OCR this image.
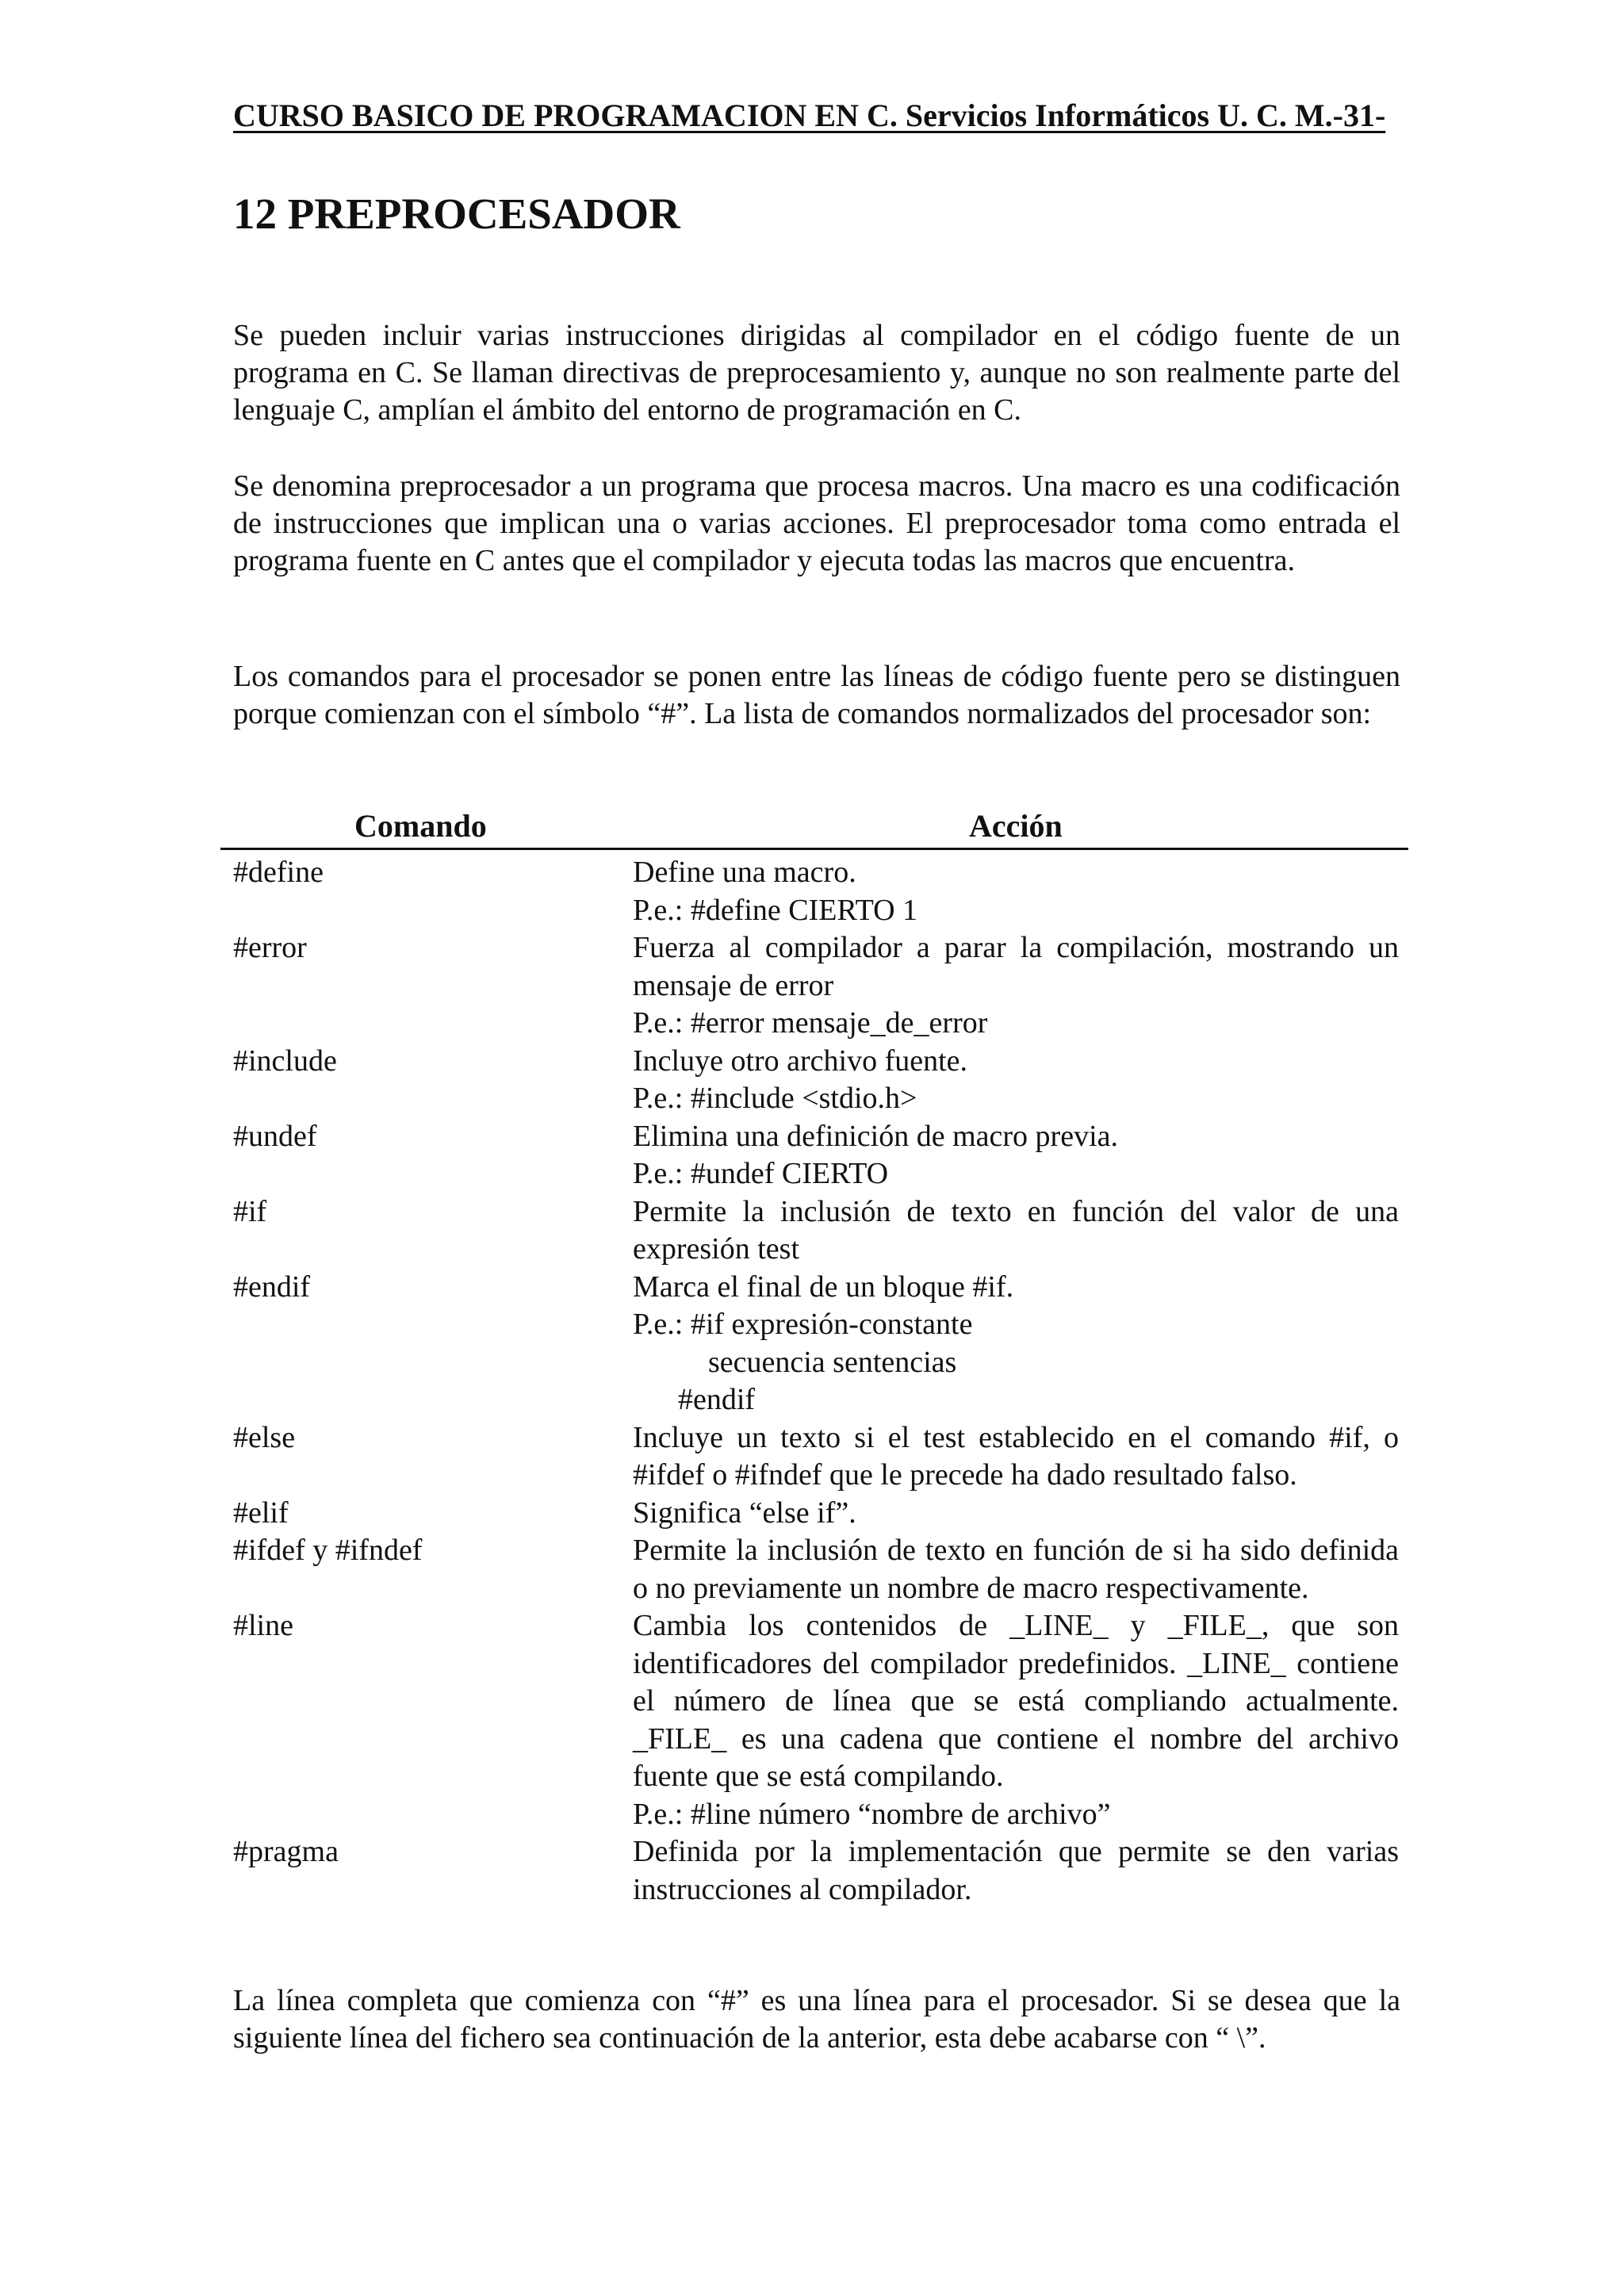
CURSO BASICO DE PROGRAMACION EN C. Servicios Informáticos U. C. M.-31-
12 PREPROCESADOR

Se pueden incluir varias instrucciones dirigidas al compilador en el código fuente de un programa en C. Se llaman directivas de preprocesamiento y, aunque no son realmente parte del lenguaje C, amplían el ámbito del entorno de programación en C.

Se denomina preprocesador a un programa que procesa macros. Una macro es una codificación de instrucciones que implican una o varias acciones. El preprocesador toma como entrada el programa fuente en C antes que el compilador y ejecuta todas las macros que encuentra.

Los comandos para el procesador se ponen entre las líneas de código fuente pero se distinguen porque comienzan con el símbolo “#”. La lista de comandos normalizados del procesador son:

Comando	Acción
#define	Define una macro.
P.e.: #define CIERTO 1
#error	Fuerza al compilador a parar la compilación, mostrando un mensaje de error
P.e.: #error mensaje_de_error
#include	Incluye otro archivo fuente.
P.e.: #include <stdio.h>
#undef	Elimina una definición de macro previa.
P.e.: #undef CIERTO
#if	Permite la inclusión de texto en función del valor de una expresión test
#endif	Marca el final de un bloque #if.
P.e.: #if expresión-constante
secuencia sentencias
#endif
#else	Incluye un texto si el test establecido en el comando #if, o #ifdef o #ifndef que le precede ha dado resultado falso.
#elif	Significa “else if”.
#ifdef y #ifndef	Permite la inclusión de texto en función de si ha sido definida o no previamente un nombre de macro respectivamente.
#line	Cambia los contenidos de _LINE_ y _FILE_, que son identificadores del compilador predefinidos. _LINE_ contiene el número de línea que se está compliando actualmente. _FILE_ es una cadena que contiene el nombre del archivo fuente que se está compilando.
P.e.: #line número “nombre de archivo”
#pragma	Definida por la implementación que permite se den varias instrucciones al compilador.

La línea completa que comienza con “#” es una línea para el procesador. Si se desea que la siguiente línea del fichero sea continuación de la anterior, esta debe acabarse con “ \”.
